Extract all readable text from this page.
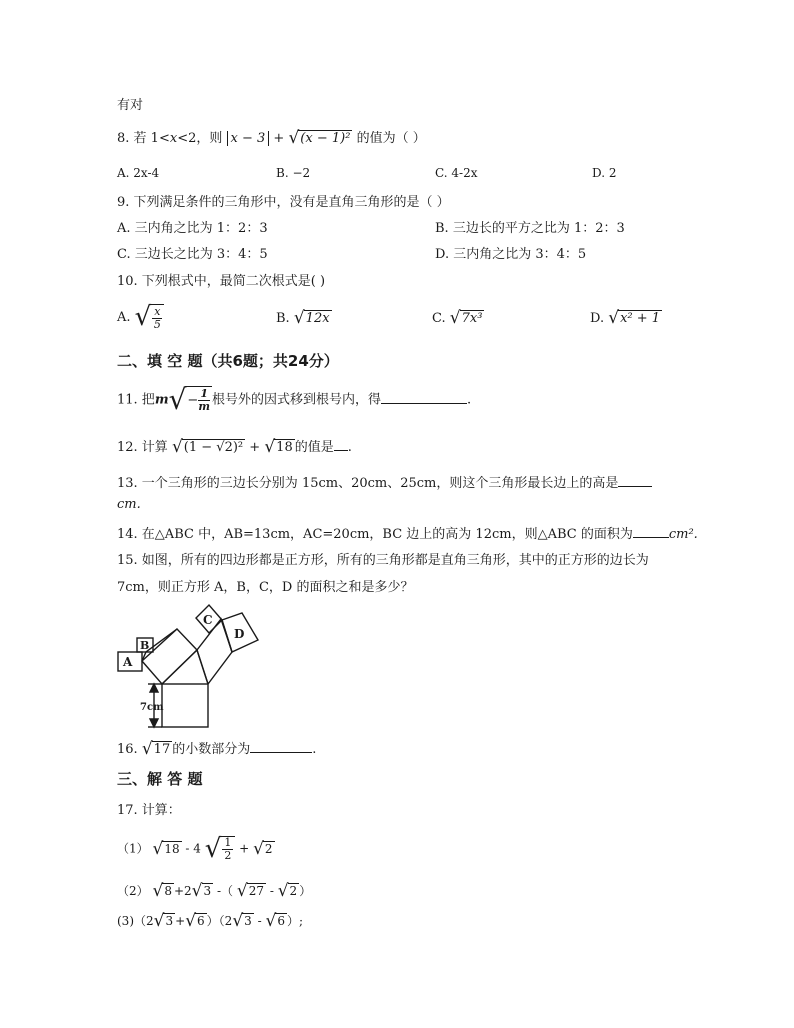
有对
8. 若 1<x<2，则 x − 3 + √ (x − 1)² 的值为（ ）
A. 2x-4	B. −2	C. 4-2x	D. 2
9. 下列满足条件的三角形中，没有是直角三角形的是（ ）
A. 三内角之比为 1：2：3	B. 三边长的平方之比为 1：2：3
C. 三边长之比为 3：4：5	D. 三内角之比为 3：4：5
10. 下列根式中，最简二次根式是( )
A. √ $\frac{x}{5}$	B. √ 12x	C. √ 7x³	D. √ x² + 1
二、填 空 题（共6题；共24分）
11. 把m √ − $\frac{1}{m}$ 根号外的因式移到根号内，得	.
12. 计算 √ (1 − √2)² + √ 18 的值是 .
13. 一个三角形的三边长分别为 15cm、20cm、25cm，则这个三角形最长边上的高是
cm.
14. 在△ABC 中，AB=13cm，AC=20cm，BC 边上的高为 12cm，则△ABC 的面积为	cm².
15. 如图，所有的四边形都是正方形，所有的三角形都是直角三角形，其中的正方形的边长为
7cm，则正方形 A，B，C，D 的面积之和是多少？
A
B
C
D
7cm
16. √ 17 的小数部分为	.
三、解 答 题
17. 计算：
（1） √ 18 - 4 √ $\frac{1}{2}$ + √ 2
（2） √ 8 +2 √ 3 -（ √ 27 - √ 2 ）
(3)（2 √ 3 + √ 6 ）（2 √ 3 - √ 6 ）;
